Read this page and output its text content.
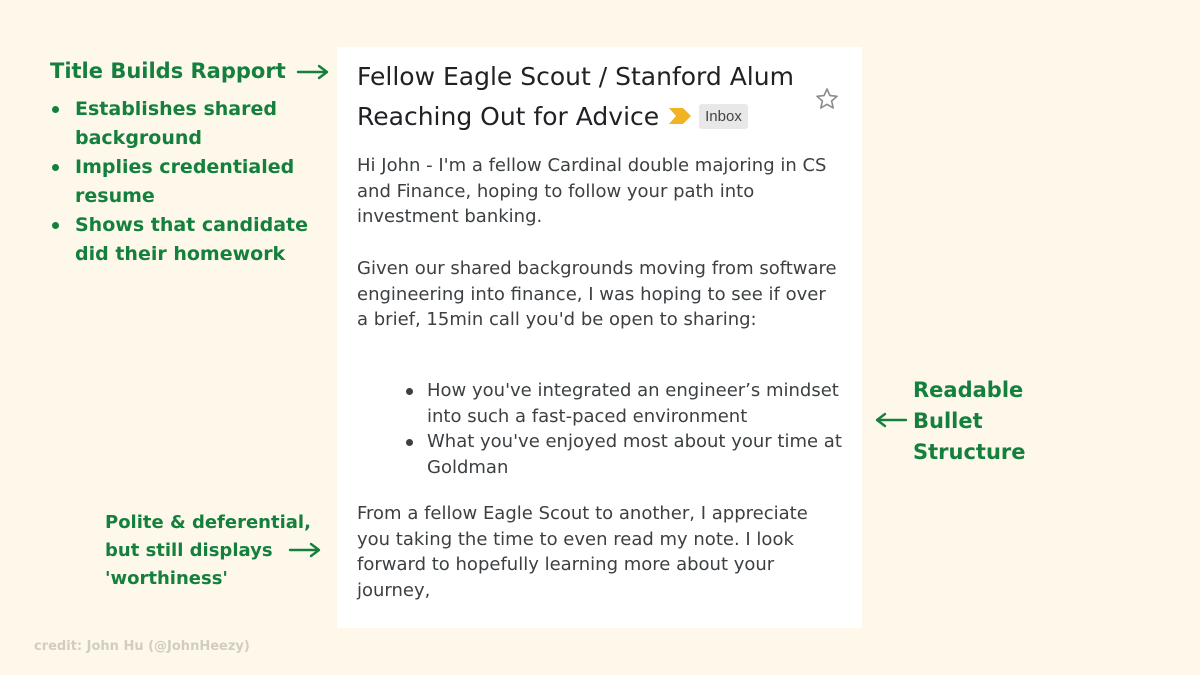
Title Builds Rapport
Establishes shared background
Implies credentialed resume
Shows that candidate did their homework
Fellow Eagle Scout / Stanford Alum Reaching Out for Advice	Inbox

Hi John - I'm a fellow Cardinal double majoring in CS and Finance, hoping to follow your path into investment banking.

Given our shared backgrounds moving from software engineering into finance, I was hoping to see if over a brief, 15min call you'd be open to sharing:

How you've integrated an engineer’s mindset into such a fast-paced environment
What you've enjoyed most about your time at Goldman

From a fellow Eagle Scout to another, I appreciate you taking the time to even read my note. I look forward to hopefully learning more about your journey,

Readable
Bullet
Structure
Polite & deferential,
but still displays
'worthiness'
credit: John Hu (@JohnHeezy)
